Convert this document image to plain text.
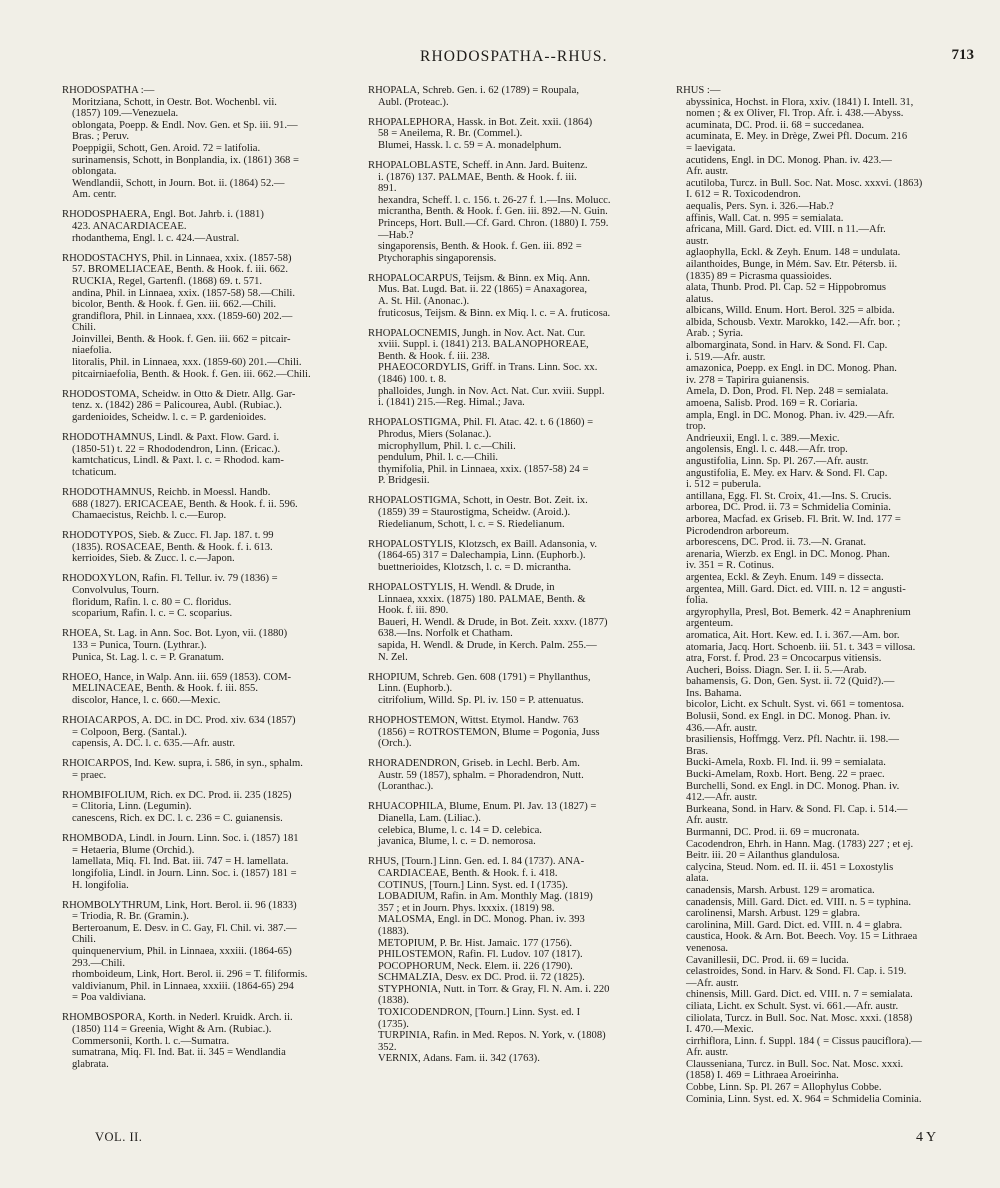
RHODOSPATHA--RHUS.	713
RHODOSPATHA :—
Moritziana, Schott, in Oestr. Bot. Wochenbl. vii.
(1857) 109.—Venezuela.
oblongata, Poepp. & Endl. Nov. Gen. et Sp. iii. 91.—
Bras. ; Peruv.
Poeppigii, Schott, Gen. Aroid. 72 = latifolia.
surinamensis, Schott, in Bonplandia, ix. (1861) 368 =
oblongata.
Wendlandii, Schott, in Journ. Bot. ii. (1864) 52.—
Am. centr.
RHODOSPHAERA, Engl. Bot. Jahrb. i. (1881)
423. ANACARDIACEAE.
rhodanthema, Engl. l. c. 424.—Austral.
RHODOSTACHYS, Phil. in Linnaea, xxix. (1857-58)
57. BROMELIACEAE, Benth. & Hook. f. iii. 662.
RUCKIA, Regel, Gartenfl. (1868) 69. t. 571.
andina, Phil. in Linnaea, xxix. (1857-58) 58.—Chili.
bicolor, Benth. & Hook. f. Gen. iii. 662.—Chili.
grandiflora, Phil. in Linnaea, xxx. (1859-60) 202.—
Chili.
Joinvillei, Benth. & Hook. f. Gen. iii. 662 = pitcair-
niaefolia.
litoralis, Phil. in Linnaea, xxx. (1859-60) 201.—Chili.
pitcairniaefolia, Benth. & Hook. f. Gen. iii. 662.—Chili.
RHODOSTOMA, Scheidw. in Otto & Dietr. Allg. Gar-
tenz. x. (1842) 286 = Palicourea, Aubl. (Rubiac.).
gardenioides, Scheidw. l. c. = P. gardenioides.
RHODOTHAMNUS, Lindl. & Paxt. Flow. Gard. i.
(1850-51) t. 22 = Rhododendron, Linn. (Ericac.).
kamtchaticus, Lindl. & Paxt. l. c. = Rhodod. kam-
tchaticum.
RHODOTHAMNUS, Reichb. in Moessl. Handb.
688 (1827). ERICACEAE, Benth. & Hook. f. ii. 596.
Chamaecistus, Reichb. l. c.—Europ.
RHODOTYPOS, Sieb. & Zucc. Fl. Jap. 187. t. 99
(1835). ROSACEAE, Benth. & Hook. f. i. 613.
kerrioides, Sieb. & Zucc. l. c.—Japon.
RHODOXYLON, Rafin. Fl. Tellur. iv. 79 (1836) =
Convolvulus, Tourn.
floridum, Rafin. l. c. 80 = C. floridus.
scoparium, Rafin. l. c. = C. scoparius.
RHOEA, St. Lag. in Ann. Soc. Bot. Lyon, vii. (1880)
133 = Punica, Tourn. (Lythrar.).
Punica, St. Lag. l. c. = P. Granatum.
RHOEO, Hance, in Walp. Ann. iii. 659 (1853). COM-
MELINACEAE, Benth. & Hook. f. iii. 855.
discolor, Hance, l. c. 660.—Mexic.
RHOIACARPOS, A. DC. in DC. Prod. xiv. 634 (1857)
= Colpoon, Berg. (Santal.).
capensis, A. DC. l. c. 635.—Afr. austr.
RHOICARPOS, Ind. Kew. supra, i. 586, in syn., sphalm.
= praec.
RHOMBIFOLIUM, Rich. ex DC. Prod. ii. 235 (1825)
= Clitoria, Linn. (Legumin).
canescens, Rich. ex DC. l. c. 236 = C. guianensis.
RHOMBODA, Lindl. in Journ. Linn. Soc. i. (1857) 181
= Hetaeria, Blume (Orchid.).
lamellata, Miq. Fl. Ind. Bat. iii. 747 = H. lamellata.
longifolia, Lindl. in Journ. Linn. Soc. i. (1857) 181 =
H. longifolia.
RHOMBOLYTHRUM, Link, Hort. Berol. ii. 96 (1833)
= Triodia, R. Br. (Gramin.).
Berteroanum, E. Desv. in C. Gay, Fl. Chil. vi. 387.—
Chili.
quinquenervium, Phil. in Linnaea, xxxiii. (1864-65)
293.—Chili.
rhomboideum, Link, Hort. Berol. ii. 296 = T. filiformis.
valdivianum, Phil. in Linnaea, xxxiii. (1864-65) 294
= Poa valdiviana.
RHOMBOSPORA, Korth. in Nederl. Kruidk. Arch. ii.
(1850) 114 = Greenia, Wight & Arn. (Rubiac.).
Commersonii, Korth. l. c.—Sumatra.
sumatrana, Miq. Fl. Ind. Bat. ii. 345 = Wendlandia
glabrata.
RHOPALA, Schreb. Gen. i. 62 (1789) = Roupala,
Aubl. (Proteac.).
RHOPALEPHORA, Hassk. in Bot. Zeit. xxii. (1864)
58 = Aneilema, R. Br. (Commel.).
Blumei, Hassk. l. c. 59 = A. monadelphum.
RHOPALOBLASTE, Scheff. in Ann. Jard. Buitenz.
i. (1876) 137. PALMAE, Benth. & Hook. f. iii.
891.
hexandra, Scheff. l. c. 156. t. 26-27 f. 1.—Ins. Molucc.
micrantha, Benth. & Hook. f. Gen. iii. 892.—N. Guin.
Princeps, Hort. Bull.—Cf. Gard. Chron. (1880) I. 759.
—Hab.?
singaporensis, Benth. & Hook. f. Gen. iii. 892 =
Ptychoraphis singaporensis.
RHOPALOCARPUS, Teijsm. & Binn. ex Miq. Ann.
Mus. Bat. Lugd. Bat. ii. 22 (1865) = Anaxagorea,
A. St. Hil. (Anonac.).
fruticosus, Teijsm. & Binn. ex Miq. l. c. = A. fruticosa.
RHOPALOCNEMIS, Jungh. in Nov. Act. Nat. Cur.
xviii. Suppl. i. (1841) 213. BALANOPHOREAE,
Benth. & Hook. f. iii. 238.
PHAEOCORDYLIS, Griff. in Trans. Linn. Soc. xx.
(1846) 100. t. 8.
phalloides, Jungh. in Nov. Act. Nat. Cur. xviii. Suppl.
i. (1841) 215.—Reg. Himal.; Java.
RHOPALOSTIGMA, Phil. Fl. Atac. 42. t. 6 (1860) =
Phrodus, Miers (Solanac.).
microphyllum, Phil. l. c.—Chili.
pendulum, Phil. l. c.—Chili.
thymifolia, Phil. in Linnaea, xxix. (1857-58) 24 =
P. Bridgesii.
RHOPALOSTIGMA, Schott, in Oestr. Bot. Zeit. ix.
(1859) 39 = Staurostigma, Scheidw. (Aroid.).
Riedelianum, Schott, l. c. = S. Riedelianum.
RHOPALOSTYLIS, Klotzsch, ex Baill. Adansonia, v.
(1864-65) 317 = Dalechampia, Linn. (Euphorb.).
buettnerioides, Klotzsch, l. c. = D. micrantha.
RHOPALOSTYLIS, H. Wendl. & Drude, in
Linnaea, xxxix. (1875) 180. PALMAE, Benth. &
Hook. f. iii. 890.
Baueri, H. Wendl. & Drude, in Bot. Zeit. xxxv. (1877)
638.—Ins. Norfolk et Chatham.
sapida, H. Wendl. & Drude, in Kerch. Palm. 255.—
N. Zel.
RHOPIUM, Schreb. Gen. 608 (1791) = Phyllanthus,
Linn. (Euphorb.).
citrifolium, Willd. Sp. Pl. iv. 150 = P. attenuatus.
RHOPHOSTEMON, Wittst. Etymol. Handw. 763
(1856) = ROTROSTEMON, Blume = Pogonia, Juss
(Orch.).
RHORADENDRON, Griseb. in Lechl. Berb. Am.
Austr. 59 (1857), sphalm. = Phoradendron, Nutt.
(Loranthac.).
RHUACOPHILA, Blume, Enum. Pl. Jav. 13 (1827) =
Dianella, Lam. (Liliac.).
celebica, Blume, l. c. 14 = D. celebica.
javanica, Blume, l. c. = D. nemorosa.
RHUS, [Tourn.] Linn. Gen. ed. I. 84 (1737). ANA-
CARDIACEAE, Benth. & Hook. f. i. 418.
COTINUS, [Tourn.] Linn. Syst. ed. I (1735).
LOBADIUM, Rafin. in Am. Monthly Mag. (1819)
357 ; et in Journ. Phys. lxxxix. (1819) 98.
MALOSMA, Engl. in DC. Monog. Phan. iv. 393
(1883).
METOPIUM, P. Br. Hist. Jamaic. 177 (1756).
PHILOSTEMON, Rafin. Fl. Ludov. 107 (1817).
POCOPHORUM, Neck. Elem. ii. 226 (1790).
SCHMALZIA, Desv. ex DC. Prod. ii. 72 (1825).
STYPHONIA, Nutt. in Torr. & Gray, Fl. N. Am. i. 220
(1838).
TOXICODENDRON, [Tourn.] Linn. Syst. ed. I
(1735).
TURPINIA, Rafin. in Med. Repos. N. York, v. (1808)
352.
VERNIX, Adans. Fam. ii. 342 (1763).
RHUS :—
abyssinica, Hochst. in Flora, xxiv. (1841) I. Intell. 31,
nomen ; & ex Oliver, Fl. Trop. Afr. i. 438.—Abyss.
acuminata, DC. Prod. ii. 68 = succedanea.
acuminata, E. Mey. in Drège, Zwei Pfl. Docum. 216
= laevigata.
acutidens, Engl. in DC. Monog. Phan. iv. 423.—
Afr. austr.
acutiloba, Turcz. in Bull. Soc. Nat. Mosc. xxxvi. (1863)
I. 612 = R. Toxicodendron.
aequalis, Pers. Syn. i. 326.—Hab.?
affinis, Wall. Cat. n. 995 = semialata.
africana, Mill. Gard. Dict. ed. VIII. n 11.—Afr.
austr.
aglaophylla, Eckl. & Zeyh. Enum. 148 = undulata.
ailanthoides, Bunge, in Mém. Sav. Etr. Pétersb. ii.
(1835) 89 = Picrasma quassioides.
alata, Thunb. Prod. Pl. Cap. 52 = Hippobromus
alatus.
albicans, Willd. Enum. Hort. Berol. 325 = albida.
albida, Schousb. Vextr. Marokko, 142.—Afr. bor. ;
Arab. ; Syria.
albomarginata, Sond. in Harv. & Sond. Fl. Cap.
i. 519.—Afr. austr.
amazonica, Poepp. ex Engl. in DC. Monog. Phan.
iv. 278 = Tapirira guianensis.
Amela, D. Don, Prod. Fl. Nep. 248 = semialata.
amoena, Salisb. Prod. 169 = R. Coriaria.
ampla, Engl. in DC. Monog. Phan. iv. 429.—Afr.
trop.
Andrieuxii, Engl. l. c. 389.—Mexic.
angolensis, Engl. l. c. 448.—Afr. trop.
angustifolia, Linn. Sp. Pl. 267.—Afr. austr.
angustifolia, E. Mey. ex Harv. & Sond. Fl. Cap.
i. 512 = puberula.
antillana, Egg. Fl. St. Croix, 41.—Ins. S. Crucis.
arborea, DC. Prod. ii. 73 = Schmidelia Cominia.
arborea, Macfad. ex Griseb. Fl. Brit. W. Ind. 177 =
Picrodendron arboreum.
arborescens, DC. Prod. ii. 73.—N. Granat.
arenaria, Wierzb. ex Engl. in DC. Monog. Phan.
iv. 351 = R. Cotinus.
argentea, Eckl. & Zeyh. Enum. 149 = dissecta.
argentea, Mill. Gard. Dict. ed. VIII. n. 12 = angusti-
folia.
argyrophylla, Presl, Bot. Bemerk. 42 = Anaphrenium
argenteum.
aromatica, Ait. Hort. Kew. ed. I. i. 367.—Am. bor.
atomaria, Jacq. Hort. Schoenb. iii. 51. t. 343 = villosa.
atra, Forst. f. Prod. 23 = Oncocarpus vitiensis.
Aucheri, Boiss. Diagn. Ser. I. ii. 5.—Arab.
bahamensis, G. Don, Gen. Syst. ii. 72 (Quid?).—
Ins. Bahama.
bicolor, Licht. ex Schult. Syst. vi. 661 = tomentosa.
Bolusii, Sond. ex Engl. in DC. Monog. Phan. iv.
436.—Afr. austr.
brasiliensis, Hoffmgg. Verz. Pfl. Nachtr. ii. 198.—
Bras.
Bucki-Amela, Roxb. Fl. Ind. ii. 99 = semialata.
Bucki-Amelam, Roxb. Hort. Beng. 22 = praec.
Burchelli, Sond. ex Engl. in DC. Monog. Phan. iv.
412.—Afr. austr.
Burkeana, Sond. in Harv. & Sond. Fl. Cap. i. 514.—
Afr. austr.
Burmanni, DC. Prod. ii. 69 = mucronata.
Cacodendron, Ehrh. in Hann. Mag. (1783) 227 ; et ej.
Beitr. iii. 20 = Ailanthus glandulosa.
calycina, Steud. Nom. ed. II. ii. 451 = Loxostylis
alata.
canadensis, Marsh. Arbust. 129 = aromatica.
canadensis, Mill. Gard. Dict. ed. VIII. n. 5 = typhina.
carolinensi, Marsh. Arbust. 129 = glabra.
carolinina, Mill. Gard. Dict. ed. VIII. n. 4 = glabra.
caustica, Hook. & Arn. Bot. Beech. Voy. 15 = Lithraea
venenosa.
Cavanillesii, DC. Prod. ii. 69 = lucida.
celastroides, Sond. in Harv. & Sond. Fl. Cap. i. 519.
—Afr. austr.
chinensis, Mill. Gard. Dict. ed. VIII. n. 7 = semialata.
ciliata, Licht. ex Schult. Syst. vi. 661.—Afr. austr.
ciliolata, Turcz. in Bull. Soc. Nat. Mosc. xxxi. (1858)
I. 470.—Mexic.
cirrhiflora, Linn. f. Suppl. 184 ( = Cissus pauciflora).—
Afr. austr.
Clausseniana, Turcz. in Bull. Soc. Nat. Mosc. xxxi.
(1858) I. 469 = Lithraea Aroeirinha.
Cobbe, Linn. Sp. Pl. 267 = Allophylus Cobbe.
Cominia, Linn. Syst. ed. X. 964 = Schmidelia Cominia.
VOL. II.	4 Y
